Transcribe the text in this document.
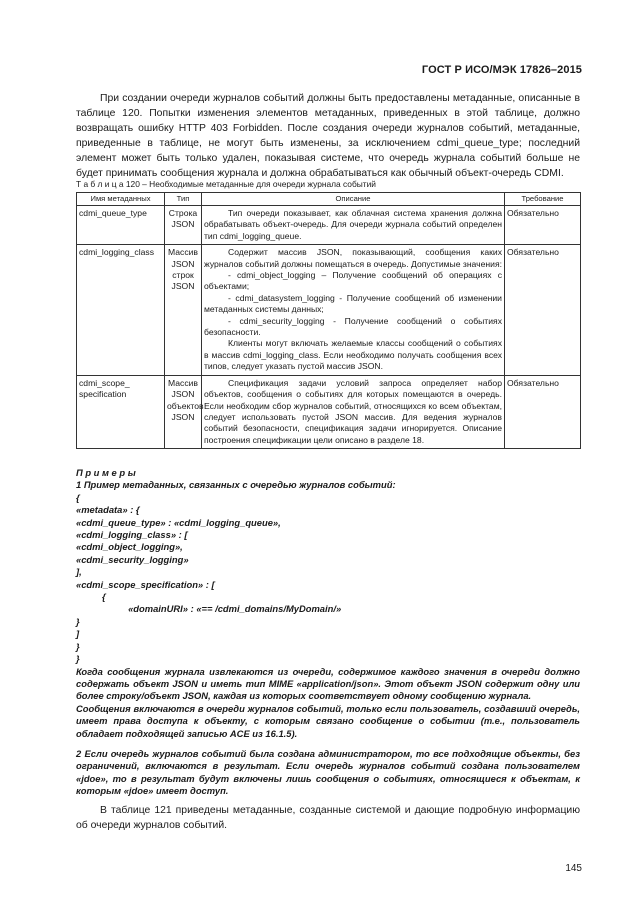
ГОСТ Р ИСО/МЭК 17826–2015

При создании очереди журналов событий должны быть предоставлены метаданные, описанные в таблице 120. Попытки изменения элементов метаданных, приведенных в этой таблице, должно возвращать ошибку HTTP 403 Forbidden. После создания очереди журналов событий, метаданные, приведенные в таблице, не могут быть изменены, за исключением cdmi_queue_type; последний элемент может быть только удален, показывая системе, что очередь журнала событий больше не будет принимать сообщения журнала и должна обрабатываться как обычный объект-очередь CDMI.

Т а б л и ц а 120 – Необходимые метаданные для очереди журнала событий

Имя метаданных	Тип	Описание	Требование
cdmi_queue_type	Строка JSON	Тип очереди показывает, как облачная система хранения должна обрабатывать объект-очередь. Для очереди журнала событий определен тип cdmi_logging_queue.	Обязательно
cdmi_logging_class	Массив JSON строк JSON	Содержит массив JSON, показывающий, сообщения каких журналов событий должны помещаться в очередь. Допустимые значения:

- cdmi_object_logging – Получение сообщений об операциях с объектами;

- cdmi_datasystem_logging - Получение сообщений об изменении метаданных системы данных;

- cdmi_security_logging - Получение сообщений о событиях безопасности.

Клиенты могут включать желаемые классы сообщений о событиях в массив cdmi_logging_class. Если необходимо получать сообщения всех типов, следует указать пустой массив JSON.	Обязательно
cdmi_scope_ specification	Массив JSON объектов JSON	Спецификация задачи условий запроса определяет набор объектов, сообщения о событиях для которых помещаются в очередь. Если необходим сбор журналов событий, относящихся ко всем объектам, следует использовать пустой JSON массив. Для ведения журналов событий безопасности, спецификация задачи игнорируется. Описание построения спецификации цели описано в разделе 18.	Обязательно

П р и м е р ы

1 Пример метаданных, связанных с очередью журналов событий:

{

«metadata» : {

«cdmi_queue_type» : «cdmi_logging_queue»,

«cdmi_logging_class» : [

«cdmi_object_logging»,

«cdmi_security_logging»

],

«cdmi_scope_specification» : [

{

«domainURI» : «== /cdmi_domains/MyDomain/»

}

]

}

}

Когда сообщения журнала извлекаются из очереди, содержимое каждого значения в очереди должно содержать объект JSON и иметь тип MIME «application/json». Этот объект JSON содержит одну или более строку/объект JSON, каждая из которых соответствует одному сообщению журнала.

Сообщения включаются в очереди журналов событий, только если пользователь, создавший очередь, имеет права доступа к объекту, с которым связано сообщение о событии (т.е., пользователь обладает подходящей записью ACE из 16.1.5).

2 Если очередь журналов событий была создана администратором, то все подходящие объекты, без ограничений, включаются в результат. Если очередь журналов событий создана пользователем «jdoe», то в результат будут включены лишь сообщения о событиях, относящиеся к объектам, к которым «jdoe» имеет доступ.

В таблице 121 приведены метаданные, созданные системой и дающие подробную информацию об очереди журналов событий.

145
